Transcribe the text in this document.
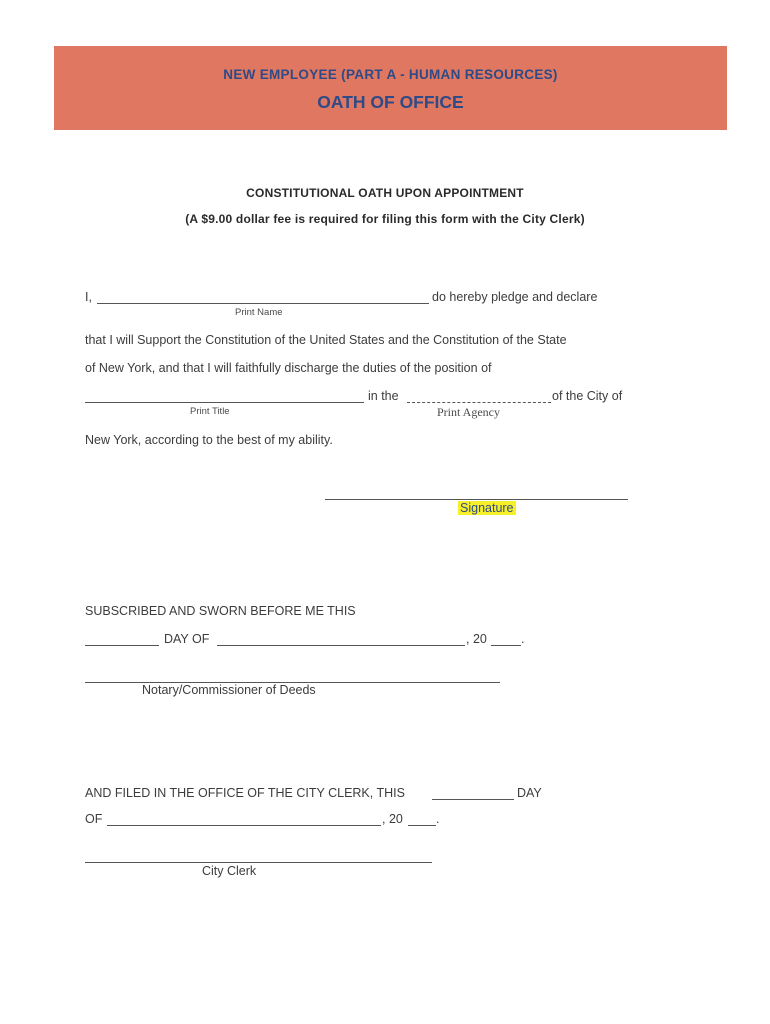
NEW EMPLOYEE (PART A - HUMAN RESOURCES)
OATH OF OFFICE
CONSTITUTIONAL OATH UPON APPOINTMENT
(A $9.00 dollar fee is required for filing this form with the City Clerk)
I,	do hereby pledge and declare
Print Name
that I will Support the Constitution of the United States and the Constitution of the State
of New York, and that I will faithfully discharge the duties of the position of
in the	of the City of
Print Title	Print Agency
New York, according to the best of my ability.
Signature
SUBSCRIBED AND SWORN BEFORE ME THIS
DAY OF	, 20	.
Notary/Commissioner of Deeds
AND FILED IN THE OFFICE OF THE CITY CLERK, THIS	DAY
OF	, 20	.
City Clerk
